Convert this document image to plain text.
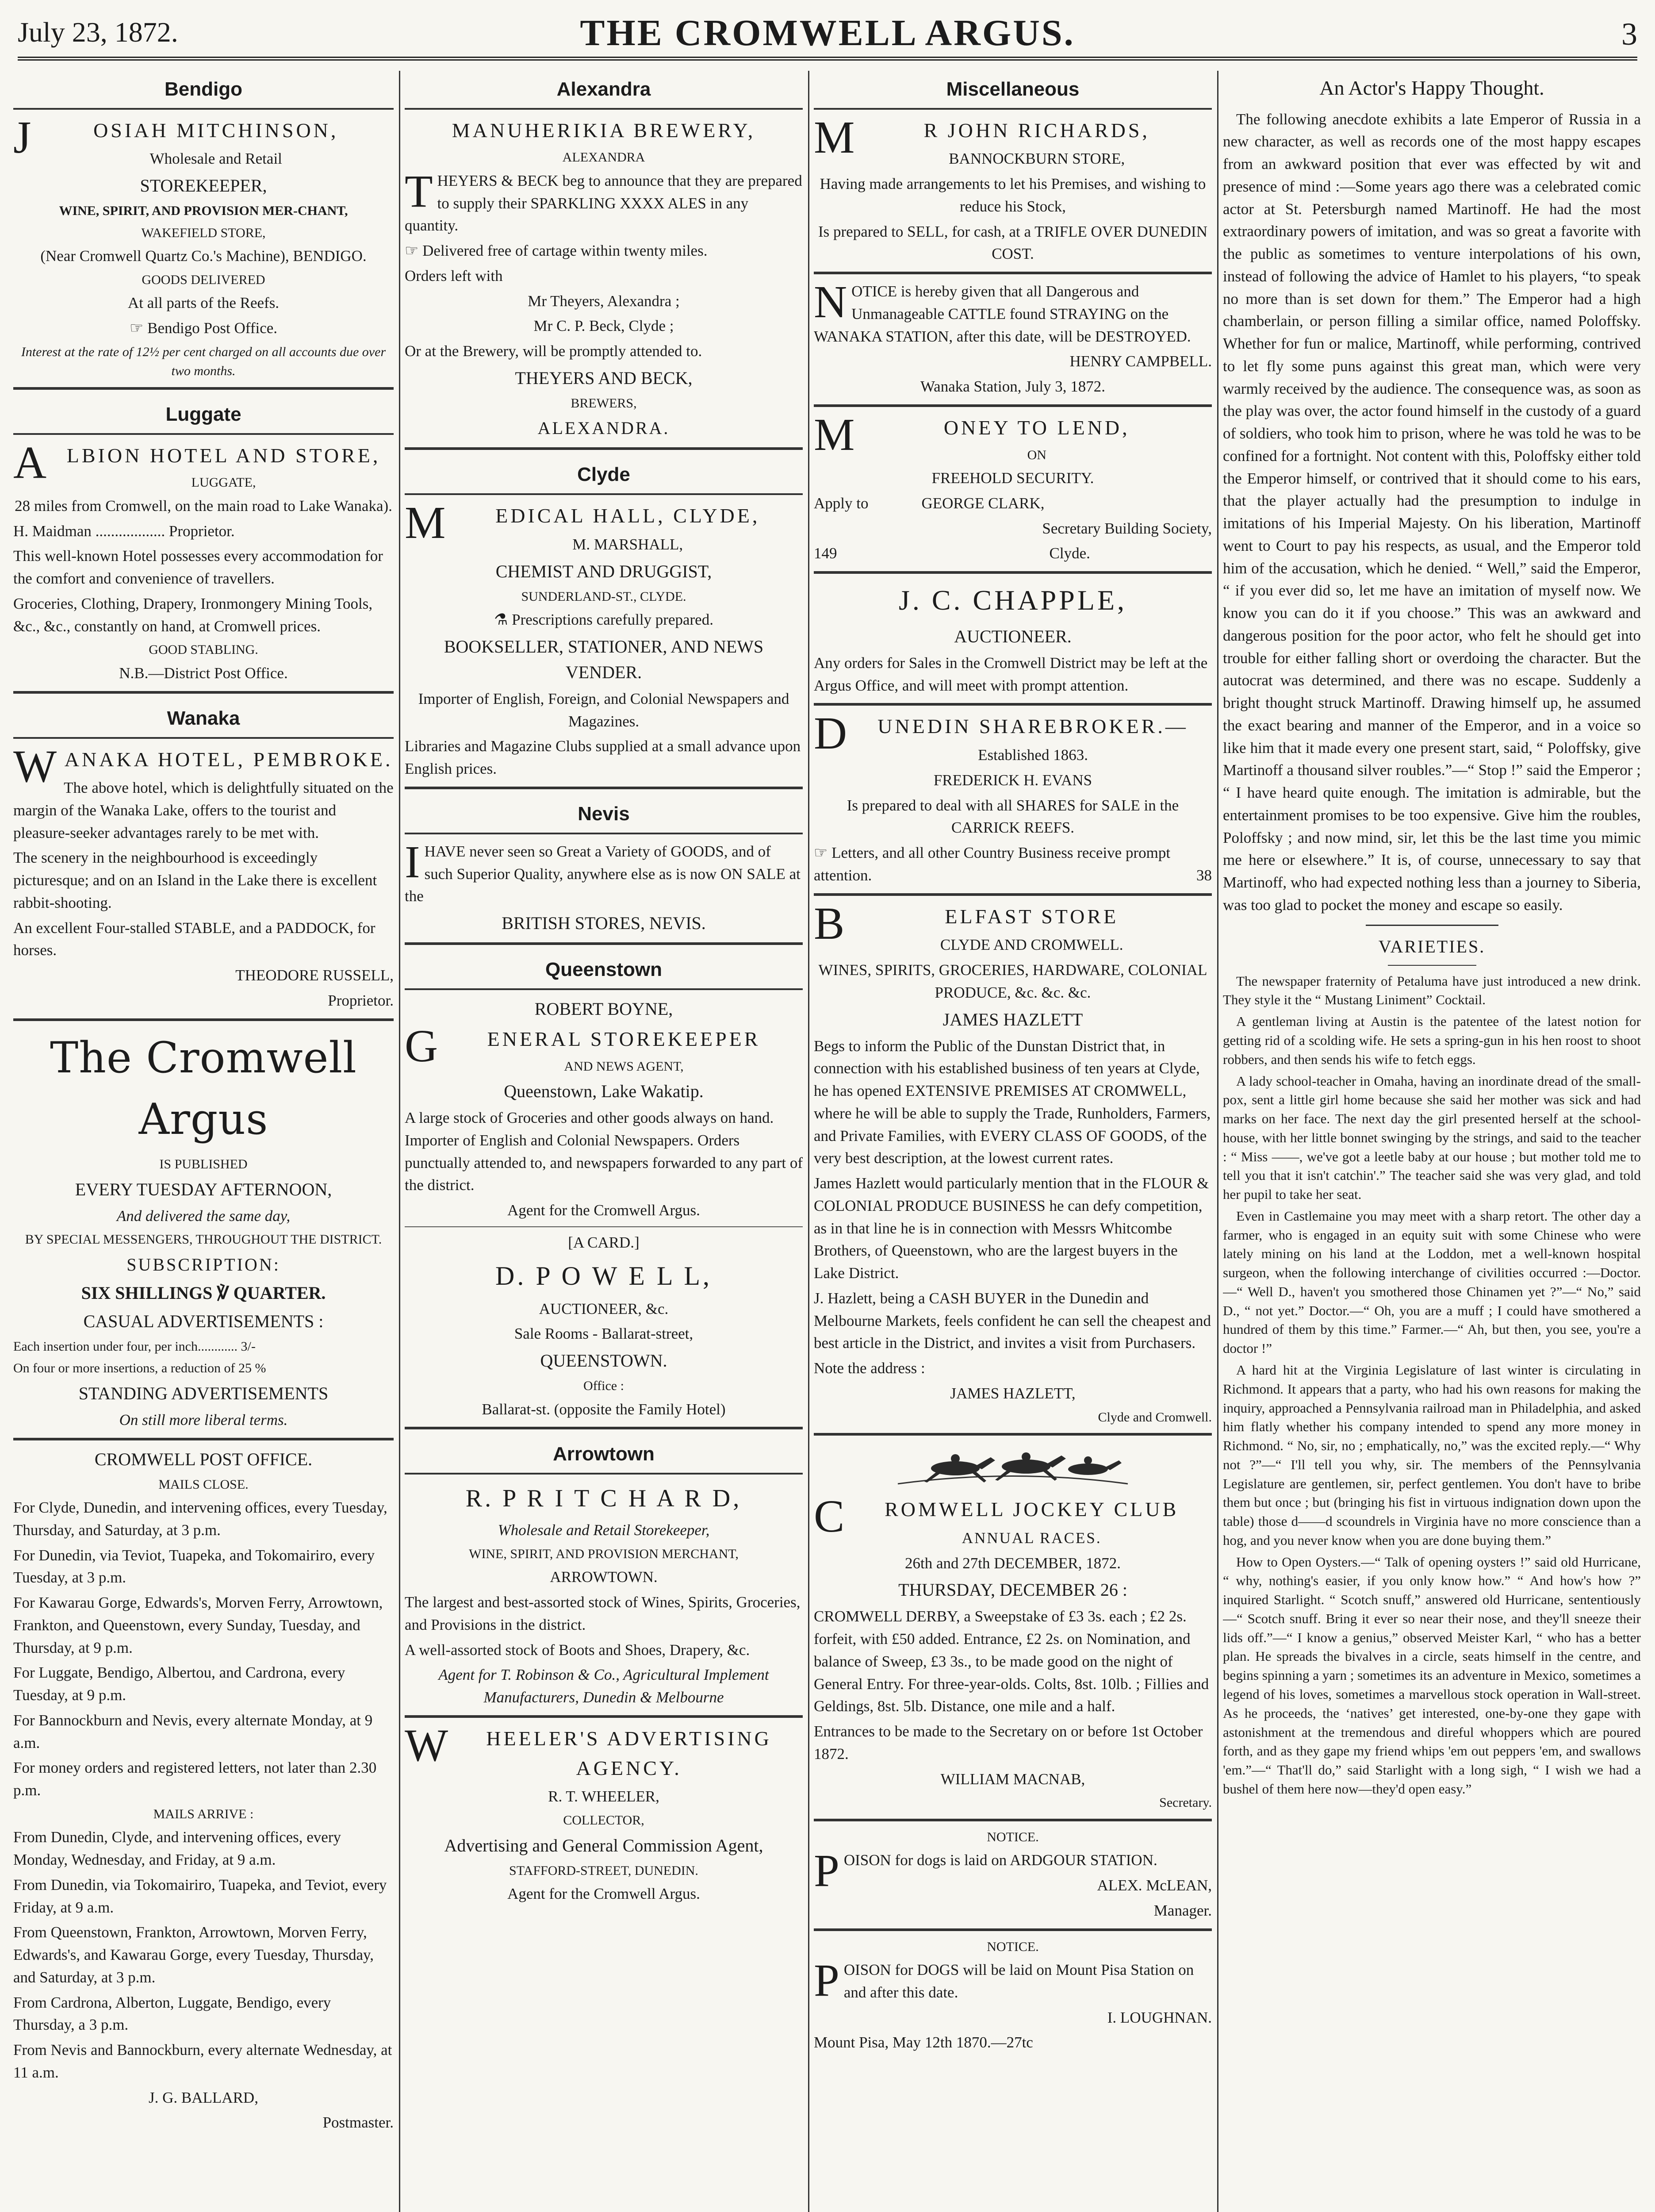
July 23, 1872.	THE CROMWELL ARGUS.	3
Bendigo
J	OSIAH MITCHINSON,

Wholesale and Retail

STOREKEEPER,

WINE, SPIRIT, AND PROVISION MER-CHANT,

WAKEFIELD STORE,

(Near Cromwell Quartz Co.'s Machine), BENDIGO.

GOODS DELIVERED

At all parts of the Reefs.

☞ Bendigo Post Office.

Interest at the rate of 12½ per cent charged on all accounts due over two months.

Luggate
ALBION HOTEL AND STORE,

LUGGATE,

28 miles from Cromwell, on the main road to Lake Wanaka).

H. Maidman .................. Proprietor.

This well-known Hotel possesses every accommodation for the comfort and convenience of travellers.

Groceries, Clothing, Drapery, Ironmongery Mining Tools, &c., &c., constantly on hand, at Cromwell prices.

GOOD STABLING.

N.B.—District Post Office.

Wanaka
WANAKA HOTEL, PEMBROKE.

The above hotel, which is delightfully situated on the margin of the Wanaka Lake, offers to the tourist and pleasure-seeker advantages rarely to be met with.

The scenery in the neighbourhood is exceedingly picturesque; and on an Island in the Lake there is excellent rabbit-shooting.

An excellent Four-stalled STABLE, and a PADDOCK, for horses.

THEODORE RUSSELL,

Proprietor.

The Cromwell Argus

IS PUBLISHED

EVERY TUESDAY AFTERNOON,

And delivered the same day,

BY SPECIAL MESSENGERS, THROUGHOUT THE DISTRICT.

SUBSCRIPTION:

SIX SHILLINGS ℣ QUARTER.

CASUAL ADVERTISEMENTS :

Each insertion under four, per inch............ 3/-

On four or more insertions, a reduction of 25 %

STANDING ADVERTISEMENTS

On still more liberal terms.

CROMWELL POST OFFICE.

MAILS CLOSE.

For Clyde, Dunedin, and intervening offices, every Tuesday, Thursday, and Saturday, at 3 p.m.

For Dunedin, via Teviot, Tuapeka, and Tokomairiro, every Tuesday, at 3 p.m.

For Kawarau Gorge, Edwards's, Morven Ferry, Arrowtown, Frankton, and Queenstown, every Sunday, Tuesday, and Thursday, at 9 p.m.

For Luggate, Bendigo, Albertou, and Cardrona, every Tuesday, at 9 p.m.

For Bannockburn and Nevis, every alternate Monday, at 9 a.m.

For money orders and registered letters, not later than 2.30 p.m.

MAILS ARRIVE :

From Dunedin, Clyde, and intervening offices, every Monday, Wednesday, and Friday, at 9 a.m.

From Dunedin, via Tokomairiro, Tuapeka, and Teviot, every Friday, at 9 a.m.

From Queenstown, Frankton, Arrowtown, Morven Ferry, Edwards's, and Kawarau Gorge, every Tuesday, Thursday, and Saturday, at 3 p.m.

From Cardrona, Alberton, Luggate, Bendigo, every Thursday, a 3 p.m.

From Nevis and Bannockburn, every alternate Wednesday, at 11 a.m.

J. G. BALLARD,

Postmaster.

Alexandra
MANUHERIKIA BREWERY,

ALEXANDRA

THEYERS & BECK beg to announce that they are prepared to supply their SPARKLING XXXX ALES in any quantity.

☞ Delivered free of cartage within twenty miles.

Orders left with

Mr Theyers, Alexandra ;

Mr C. P. Beck, Clyde ;

Or at the Brewery, will be promptly attended to.

THEYERS AND BECK,

BREWERS,

ALEXANDRA.

Clyde
M EDICAL HALL, CLYDE,

M. MARSHALL,

CHEMIST AND DRUGGIST,

SUNDERLAND-ST., CLYDE.

⚗ Prescriptions carefully prepared.

BOOKSELLER, STATIONER, AND NEWS VENDER.

Importer of English, Foreign, and Colonial Newspapers and Magazines.

Libraries and Magazine Clubs supplied at a small advance upon English prices.

Nevis

IHAVE never seen so Great a Variety of GOODS, and of such Superior Quality, anywhere else as is now ON SALE at the

BRITISH STORES, NEVIS.

Queenstown

ROBERT BOYNE,

G ENERAL STOREKEEPER

AND NEWS AGENT,

Queenstown, Lake Wakatip.

A large stock of Groceries and other goods always on hand. Importer of English and Colonial Newspapers. Orders punctually attended to, and newspapers forwarded to any part of the district.

Agent for the Cromwell Argus.

[A CARD.]

D. P O W E L L,

AUCTIONEER, &c.

Sale Rooms - Ballarat-street,

QUEENSTOWN.

Office :

Ballarat-st. (opposite the Family Hotel)

Arrowtown
R. P R I T C H A R D,

Wholesale and Retail Storekeeper,

WINE, SPIRIT, AND PROVISION MERCHANT,

ARROWTOWN.

The largest and best-assorted stock of Wines, Spirits, Groceries, and Provisions in the district.

A well-assorted stock of Boots and Shoes, Drapery, &c.

Agent for T. Robinson & Co., Agricultural Implement Manufacturers, Dunedin & Melbourne

W HEELER'S ADVERTISING AGENCY.

R. T. WHEELER,

COLLECTOR,

Advertising and General Commission Agent,

STAFFORD-STREET, DUNEDIN.

Agent for the Cromwell Argus.

Miscellaneous
M	R JOHN RICHARDS,

BANNOCKBURN STORE,

Having made arrangements to let his Premises, and wishing to reduce his Stock,

Is prepared to SELL, for cash, at a TRIFLE OVER DUNEDIN COST.

NOTICE is hereby given that all Dangerous and Unmanageable CATTLE found STRAYING on the WANAKA STATION, after this date, will be DESTROYED.

HENRY CAMPBELL.

Wanaka Station, July 3, 1872.

M	ONEY TO LEND,

ON

FREEHOLD SECURITY.

Apply to	GEORGE CLARK,

Secretary Building Society,

149	Clyde.

J. C. CHAPPLE,

AUCTIONEER.

Any orders for Sales in the Cromwell District may be left at the Argus Office, and will meet with prompt attention.

D UNEDIN SHAREBROKER.—

Established 1863.

FREDERICK H. EVANS

Is prepared to deal with all SHARES for SALE in the CARRICK REEFS.

☞ Letters, and all other Country Business receive prompt attention.	38

B	ELFAST STORE

CLYDE AND CROMWELL.

WINES, SPIRITS, GROCERIES, HARDWARE, COLONIAL PRODUCE, &c. &c. &c.

JAMES HAZLETT

Begs to inform the Public of the Dunstan District that, in connection with his established business of ten years at Clyde, he has opened EXTENSIVE PREMISES AT CROMWELL, where he will be able to supply the Trade, Runholders, Farmers, and Private Families, with EVERY CLASS OF GOODS, of the very best description, at the lowest current rates.

James Hazlett would particularly mention that in the FLOUR & COLONIAL PRODUCE BUSINESS he can defy competition, as in that line he is in connection with Messrs Whitcombe Brothers, of Queenstown, who are the largest buyers in the Lake District.

J. Hazlett, being a CASH BUYER in the Dunedin and Melbourne Markets, feels confident he can sell the cheapest and best article in the District, and invites a visit from Purchasers.

Note the address :

JAMES HAZLETT,

Clyde and Cromwell.

C ROMWELL JOCKEY CLUB

ANNUAL RACES.

26th and 27th DECEMBER, 1872.

THURSDAY, DECEMBER 26 :

CROMWELL DERBY, a Sweepstake of £3 3s. each ; £2 2s. forfeit, with £50 added. Entrance, £2 2s. on Nomination, and balance of Sweep, £3 3s., to be made good on the night of General Entry. For three-year-olds. Colts, 8st. 10lb. ; Fillies and Geldings, 8st. 5lb. Distance, one mile and a half.

Entrances to be made to the Secretary on or before 1st October 1872.

WILLIAM MACNAB,

Secretary.

NOTICE.

POISON for dogs is laid on ARDGOUR STATION.

ALEX. McLEAN,

Manager.

NOTICE.

POISON for DOGS will be laid on Mount Pisa Station on and after this date.

I. LOUGHNAN.

Mount Pisa, May 12th 1870.—27tc

An Actor's Happy Thought.

The following anecdote exhibits a late Emperor of Russia in a new character, as well as records one of the most happy escapes from an awkward position that ever was effected by wit and presence of mind :—Some years ago there was a celebrated comic actor at St. Petersburgh named Martinoff. He had the most extraordinary powers of imitation, and was so great a favorite with the public as sometimes to venture interpolations of his own, instead of following the advice of Hamlet to his players, “to speak no more than is set down for them.” The Emperor had a high chamberlain, or person filling a similar office, named Poloffsky. Whether for fun or malice, Martinoff, while performing, contrived to let fly some puns against this great man, which were very warmly received by the audience. The consequence was, as soon as the play was over, the actor found himself in the custody of a guard of soldiers, who took him to prison, where he was told he was to be confined for a fortnight. Not content with this, Poloffsky either told the Emperor himself, or contrived that it should come to his ears, that the player actually had the presumption to indulge in imitations of his Imperial Majesty. On his liberation, Martinoff went to Court to pay his respects, as usual, and the Emperor told him of the accusation, which he denied. “ Well,” said the Emperor, “ if you ever did so, let me have an imitation of myself now. We know you can do it if you choose.” This was an awkward and dangerous position for the poor actor, who felt he should get into trouble for either falling short or overdoing the character. But the autocrat was determined, and there was no escape. Suddenly a bright thought struck Martinoff. Drawing himself up, he assumed the exact bearing and manner of the Emperor, and in a voice so like him that it made every one present start, said, “ Poloffsky, give Martinoff a thousand silver roubles.”—“ Stop !” said the Emperor ; “ I have heard quite enough. The imitation is admirable, but the entertainment promises to be too expensive. Give him the roubles, Poloffsky ; and now mind, sir, let this be the last time you mimic me here or elsewhere.” It is, of course, unnecessary to say that Martinoff, who had expected nothing less than a journey to Siberia, was too glad to pocket the money and escape so easily.

VARIETIES.

The newspaper fraternity of Petaluma have just introduced a new drink. They style it the “ Mustang Liniment” Cocktail.

A gentleman living at Austin is the patentee of the latest notion for getting rid of a scolding wife. He sets a spring-gun in his hen roost to shoot robbers, and then sends his wife to fetch eggs.

A lady school-teacher in Omaha, having an inordinate dread of the small-pox, sent a little girl home because she said her mother was sick and had marks on her face. The next day the girl presented herself at the school-house, with her little bonnet swinging by the strings, and said to the teacher : “ Miss ——, we've got a leetle baby at our house ; but mother told me to tell you that it isn't catchin'.” The teacher said she was very glad, and told her pupil to take her seat.

Even in Castlemaine you may meet with a sharp retort. The other day a farmer, who is engaged in an equity suit with some Chinese who were lately mining on his land at the Loddon, met a well-known hospital surgeon, when the following interchange of civilities occurred :—Doctor.—“ Well D., haven't you smothered those Chinamen yet ?”—“ No,” said D., “ not yet.” Doctor.—“ Oh, you are a muff ; I could have smothered a hundred of them by this time.” Farmer.—“ Ah, but then, you see, you're a doctor !”

A hard hit at the Virginia Legislature of last winter is circulating in Richmond. It appears that a party, who had his own reasons for making the inquiry, approached a Pennsylvania railroad man in Philadelphia, and asked him flatly whether his company intended to spend any more money in Richmond. “ No, sir, no ; emphatically, no,” was the excited reply.—“ Why not ?”—“ I'll tell you why, sir. The members of the Pennsylvania Legislature are gentlemen, sir, perfect gentlemen. You don't have to bribe them but once ; but (bringing his fist in virtuous indignation down upon the table) those d——d scoundrels in Virginia have no more conscience than a hog, and you never know when you are done buying them.”

How to Open Oysters.—“ Talk of opening oysters !” said old Hurricane, “ why, nothing's easier, if you only know how.” “ And how's how ?” inquired Starlight. “ Scotch snuff,” answered old Hurricane, sententiously—“ Scotch snuff. Bring it ever so near their nose, and they'll sneeze their lids off.”—“ I know a genius,” observed Meister Karl, “ who has a better plan. He spreads the bivalves in a circle, seats himself in the centre, and begins spinning a yarn ; sometimes its an adventure in Mexico, sometimes a legend of his loves, sometimes a marvellous stock operation in Wall-street. As he proceeds, the ‘natives’ get interested, one-by-one they gape with astonishment at the tremendous and direful whoppers which are poured forth, and as they gape my friend whips 'em out peppers 'em, and swallows 'em.”—“ That'll do,” said Starlight with a long sigh, “ I wish we had a bushel of them here now—they'd open easy.”
